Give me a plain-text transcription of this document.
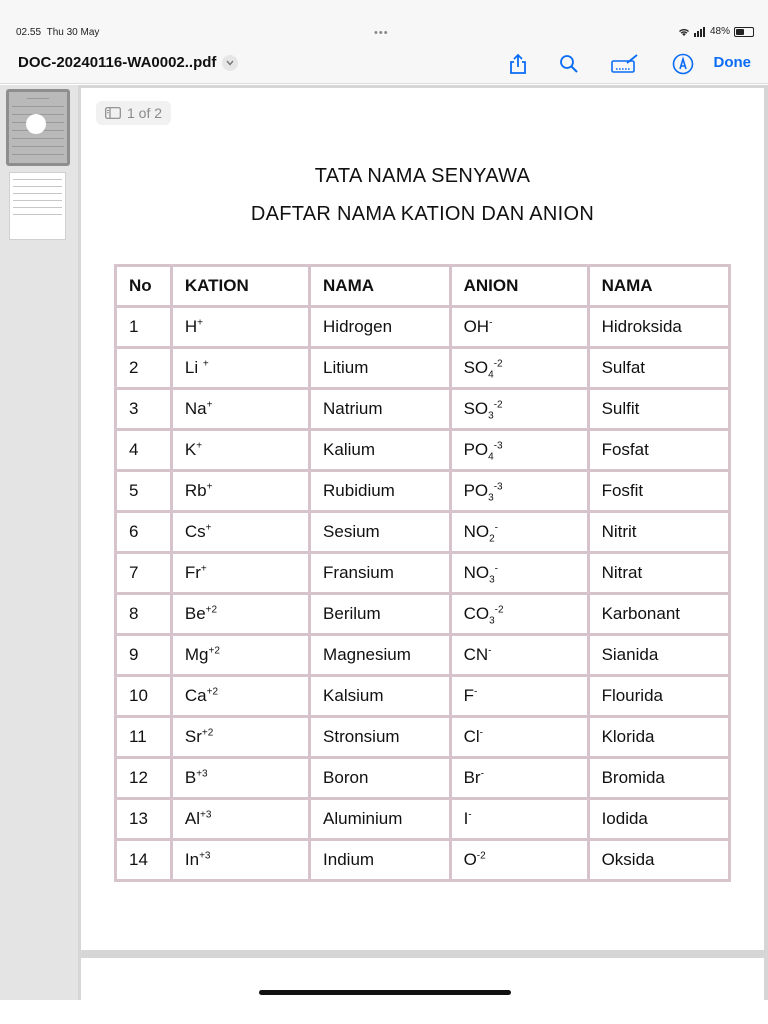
02.55 Thu 30 May	•••	48%
DOC-20240116-WA0002..pdf	Done
1 of 2
TATA NAMA SENYAWA
DAFTAR NAMA KATION DAN ANION
No	KATION	NAMA	ANION	NAMA
1	H+	Hidrogen	OH-	Hidroksida
2	Li +	Litium	$SO_4^{-2}$	Sulfat
3	Na+	Natrium	$SO_3^{-2}$	Sulfit
4	K+	Kalium	$PO_4^{-3}$	Fosfat
5	Rb+	Rubidium	$PO_3^{-3}$	Fosfit
6	Cs+	Sesium	$NO_2^-$	Nitrit
7	Fr+	Fransium	$NO_3^-$	Nitrat
8	$Be^{+2}$	Berilum	$CO_3^{-2}$	Karbonant
9	$Mg^{+2}$	Magnesium	CN-	Sianida
10	$Ca^{+2}$	Kalsium	F-	Flourida
11	$Sr^{+2}$	Stronsium	Cl-	Klorida
12	$B^{+3}$	Boron	Br-	Bromida
13	$Al^{+3}$	Aluminium	I-	Iodida
14	$In^{+3}$	Indium	$O^{-2}$	Oksida
